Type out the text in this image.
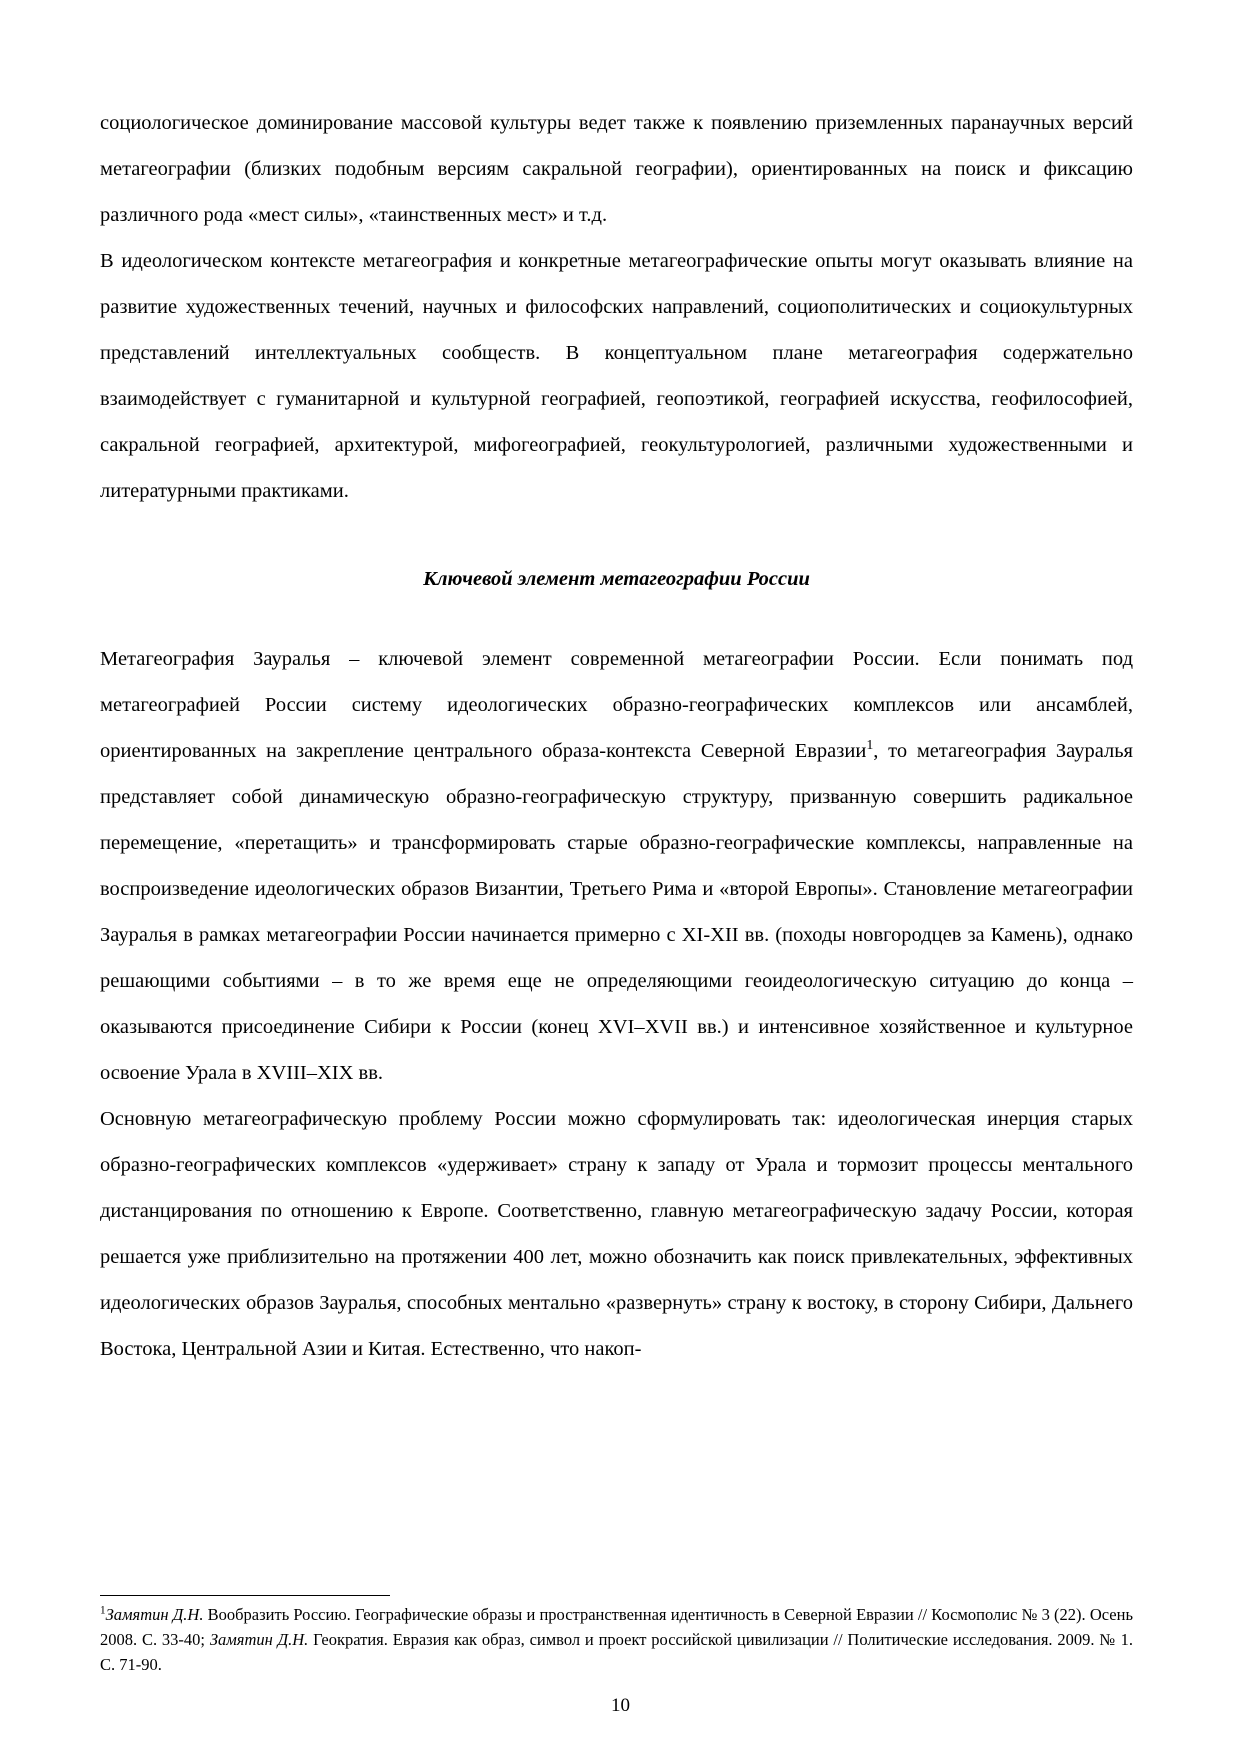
социологическое доминирование массовой культуры ведет также к появлению приземленных паранаучных версий метагеографии (близких подобным версиям сакральной географии), ориентированных на поиск и фиксацию различного рода «мест силы», «таинственных мест» и т.д.

В идеологическом контексте метагеография и конкретные метагеографические опыты могут оказывать влияние на развитие художественных течений, научных и философских направлений, социополитических и социокультурных представлений интеллектуальных сообществ. В концептуальном плане метагеография содержательно взаимодействует с гуманитарной и культурной географией, геопоэтикой, географией искусства, геофилософией, сакральной географией, архитектурой, мифогеографией, геокультурологией, различными художественными и литературными практиками.

Ключевой элемент метагеографии России

Метагеография Зауралья – ключевой элемент современной метагеографии России. Если понимать под метагеографией России систему идеологических образно-географических комплексов или ансамблей, ориентированных на закрепление центрального образа-контекста Северной Евразии$^1$, то метагеография Зауралья представляет собой динамическую образно-географическую структуру, призванную совершить радикальное перемещение, «перетащить» и трансформировать старые образно-географические комплексы, направленные на воспроизведение идеологических образов Византии, Третьего Рима и «второй Европы». Становление метагеографии Зауралья в рамках метагеографии России начинается примерно с XI-XII вв. (походы новгородцев за Камень), однако решающими событиями – в то же время еще не определяющими геоидеологическую ситуацию до конца – оказываются присоединение Сибири к России (конец XVI–XVII вв.) и интенсивное хозяйственное и культурное освоение Урала в XVIII–XIX вв.

Основную метагеографическую проблему России можно сформулировать так: идеологическая инерция старых образно-географических комплексов «удерживает» страну к западу от Урала и тормозит процессы ментального дистанцирования по отношению к Европе. Соответственно, главную метагеографическую задачу России, которая решается уже приблизительно на протяжении 400 лет, можно обозначить как поиск привлекательных, эффективных идеологических образов Зауралья, способных ментально «развернуть» страну к востоку, в сторону Сибири, Дальнего Востока, Центральной Азии и Китая. Естественно, что накоп-

$^1$Замятин Д.Н. Вообразить Россию. Географические образы и пространственная идентичность в Северной Евразии // Космополис № 3 (22). Осень 2008. С. 33-40; Замятин Д.Н. Геократия. Евразия как образ, символ и проект российской цивилизации // Политические исследования. 2009. № 1. С. 71-90.
10
